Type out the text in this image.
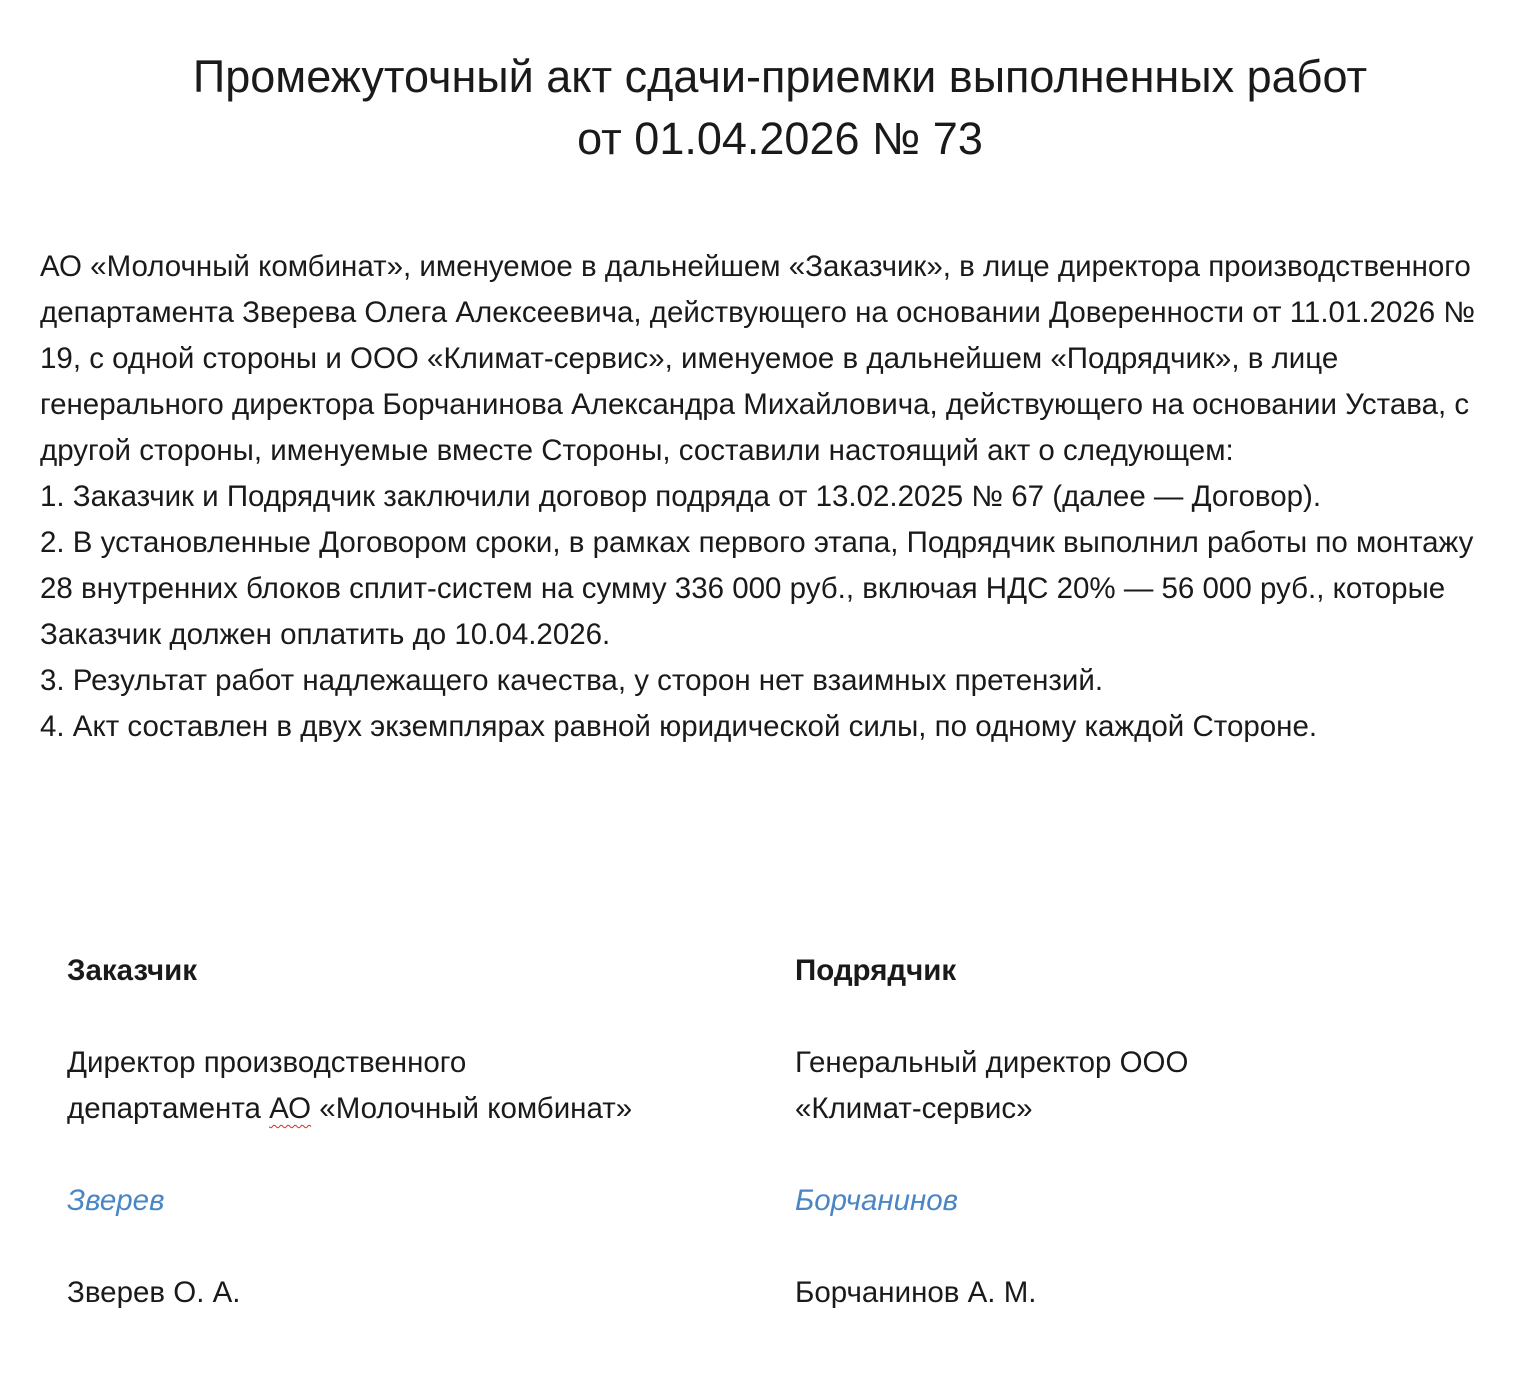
Промежуточный акт сдачи-приемки выполненных работ
от 01.04.2026 № 73

АО «Молочный комбинат», именуемое в дальнейшем «Заказчик», в лице директора производственного департамента Зверева Олега Алексеевича, действующего на основании Доверенности от 11.01.2026 № 19, с одной стороны и ООО «Климат-сервис», именуемое в дальнейшем «Подрядчик», в лице генерального директора Борчанинова Александра Михайловича, действующего на основании Устава, с другой стороны, именуемые вместе Стороны, составили настоящий акт о следующем:

1. Заказчик и Подрядчик заключили договор подряда от 13.02.2025 № 67 (далее — Договор).

2. В установленные Договором сроки, в рамках первого этапа, Подрядчик выполнил работы по монтажу 28 внутренних блоков сплит-систем на сумму 336 000 руб., включая НДС 20% — 56 000 руб., которые Заказчик должен оплатить до 10.04.2026.

3. Результат работ надлежащего качества, у сторон нет взаимных претензий.

4. Акт составлен в двух экземплярах равной юридической силы, по одному каждой Стороне.

Заказчик
Директор производственного
департамента АО «Молочный комбинат»
Зверев
Зверев О. А.
Подрядчик
Генеральный директор ООО
«Климат-сервис»
Борчанинов
Борчанинов А. М.
